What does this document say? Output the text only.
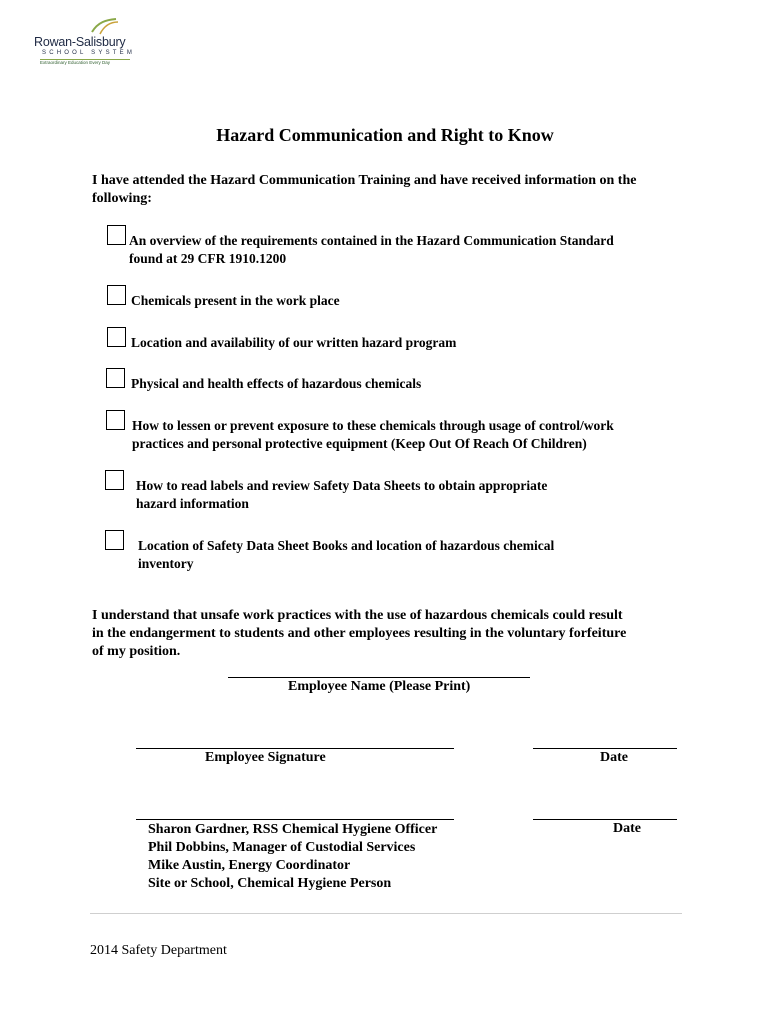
Rowan-Salisbury
SCHOOL SYSTEM
Extraordinary Education Every Day
Hazard Communication and Right to Know
I have attended the Hazard Communication Training and have received information on the
following:
An overview of the requirements contained in the Hazard Communication Standard
found at 29 CFR 1910.1200
Chemicals present in the work place
Location and availability of our written hazard program
Physical and health effects of hazardous chemicals
How to lessen or prevent exposure to these chemicals through usage of control/work
practices and personal protective equipment (Keep Out Of Reach Of Children)
How to read labels and review Safety Data Sheets to obtain appropriate
hazard information
Location of Safety Data Sheet Books and location of hazardous chemical
inventory
I understand that unsafe work practices with the use of hazardous chemicals could result
in the endangerment to students and other employees resulting in the voluntary forfeiture
of my position.
Employee Name (Please Print)
Employee Signature	Date
Date
Sharon Gardner, RSS Chemical Hygiene Officer
Phil Dobbins, Manager of Custodial Services
Mike Austin, Energy Coordinator
Site or School, Chemical Hygiene Person
2014 Safety Department
